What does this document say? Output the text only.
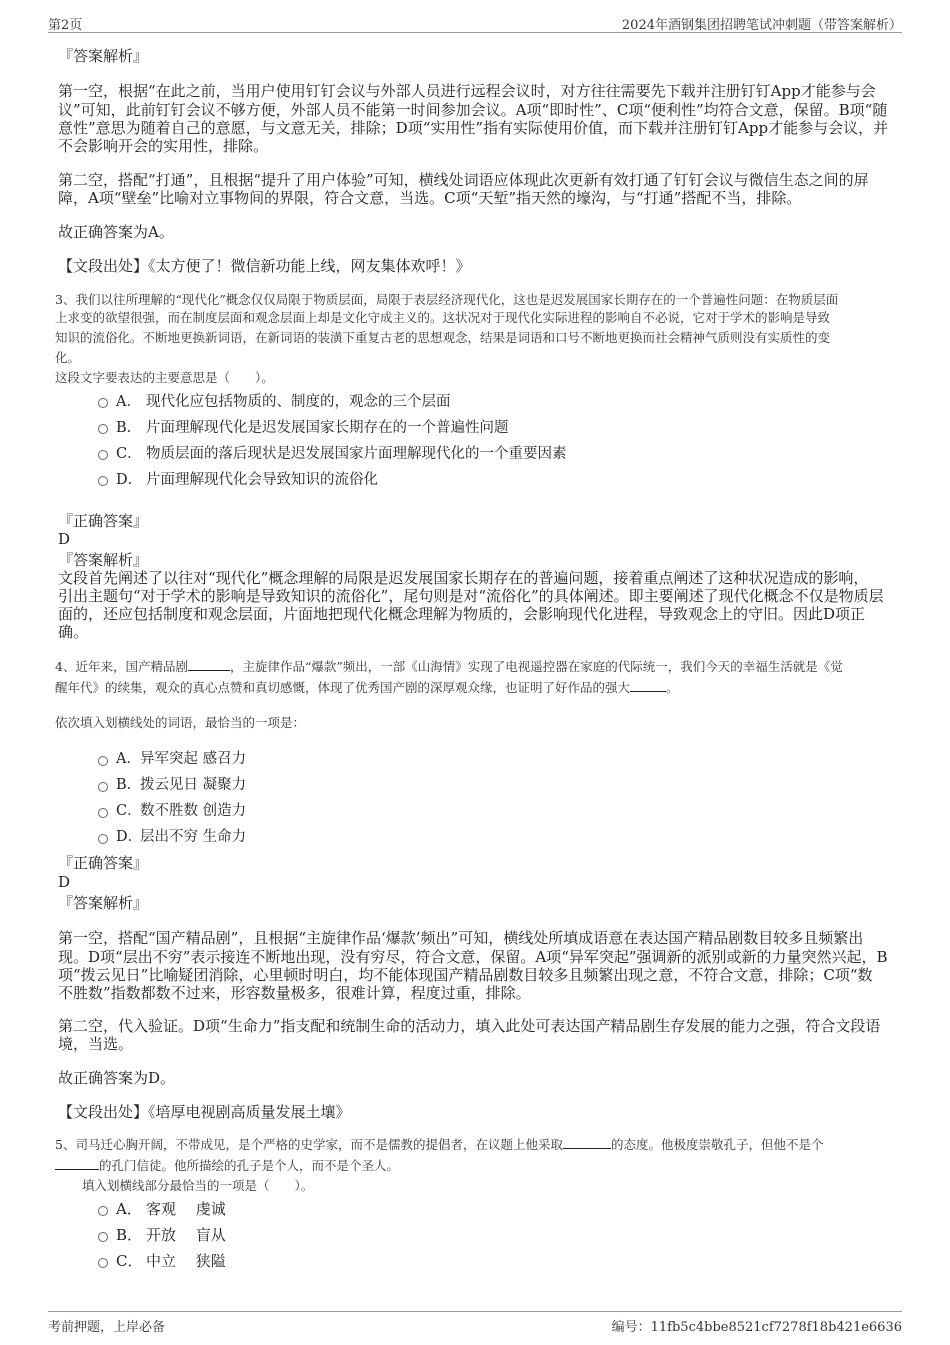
第2页	2024年酒钢集团招聘笔试冲刺题（带答案解析）
『答案解析』
第一空，根据“在此之前，当用户使用钉钉会议与外部人员进行远程会议时，对方往往需要先下载并注册钉钉App才能参与会
议”可知，此前钉钉会议不够方便，外部人员不能第一时间参加会议。A项“即时性”、C项“便利性”均符合文意，保留。B项“随
意性”意思为随着自己的意愿，与文意无关，排除；D项“实用性”指有实际使用价值，而下载并注册钉钉App才能参与会议，并
不会影响开会的实用性，排除。
第二空，搭配“打通”，且根据“提升了用户体验”可知，横线处词语应体现此次更新有效打通了钉钉会议与微信生态之间的屏
障，A项“壁垒”比喻对立事物间的界限，符合文意，当选。C项“天堑”指天然的壕沟，与“打通”搭配不当，排除。
故正确答案为A。
【文段出处】《太方便了！微信新功能上线，网友集体欢呼！》
3、我们以往所理解的“现代化”概念仅仅局限于物质层面，局限于表层经济现代化，这也是迟发展国家长期存在的一个普遍性问题：在物质层面
上求变的欲望很强，而在制度层面和观念层面上却是文化守成主义的。这状况对于现代化实际进程的影响自不必说，它对于学术的影响是导致
知识的流俗化。不断地更换新词语，在新词语的装潢下重复古老的思想观念，结果是词语和口号不断地更换而社会精神气质则没有实质性的变
化。
这段文字要表达的主要意思是（　　）。
A． 现代化应包括物质的、制度的，观念的三个层面
B． 片面理解现代化是迟发展国家长期存在的一个普遍性问题
C． 物质层面的落后现状是迟发展国家片面理解现代化的一个重要因素
D． 片面理解现代化会导致知识的流俗化
『正确答案』
D
『答案解析』
文段首先阐述了以往对“现代化”概念理解的局限是迟发展国家长期存在的普遍问题，接着重点阐述了这种状况造成的影响，
引出主题句“对于学术的影响是导致知识的流俗化”，尾句则是对“流俗化”的具体阐述。即主要阐述了现代化概念不仅是物质层
面的，还应包括制度和观念层面，片面地把现代化概念理解为物质的，会影响现代化进程，导致观念上的守旧。因此D项正
确。
4、近年来，国产精品剧	，主旋律作品“爆款”频出，一部《山海情》实现了电视遥控器在家庭的代际统一，我们今天的幸福生活就是《觉
醒年代》的续集，观众的真心点赞和真切感慨，体现了优秀国产剧的深厚观众缘，也证明了好作品的强大	。
依次填入划横线处的词语，最恰当的一项是：
A． 异军突起 感召力
B．
拨云见日 凝聚力
C．
数不胜数 创造力
D．
层出不穷 生命力
『正确答案』
D
『答案解析』
第一空，搭配“国产精品剧”，且根据“主旋律作品‘爆款’频出”可知，横线处所填成语意在表达国产精品剧数目较多且频繁出
现。D项“层出不穷”表示接连不断地出现，没有穷尽，符合文意，保留。A项“异军突起”强调新的派别或新的力量突然兴起，B
项“拨云见日”比喻疑团消除，心里顿时明白，均不能体现国产精品剧数目较多且频繁出现之意，不符合文意，排除；C项“数
不胜数”指数都数不过来，形容数量极多，很难计算，程度过重，排除。
第二空，代入验证。D项“生命力”指支配和统制生命的活动力，填入此处可表达国产精品剧生存发展的能力之强，符合文段语
境，当选。
故正确答案为D。
【文段出处】《培厚电视剧高质量发展土壤》
5、司马迁心胸开阔，不带成见，是个严格的史学家，而不是儒教的提倡者，在议题上他采取	的态度。他极度崇敬孔子，但他不是个
的孔门信徒。他所描绘的孔子是个人，而不是个圣人。
填入划横线部分最恰当的一项是（　　）。
A． 客观　 虔诚
B． 开放　 盲从
C． 中立　 狭隘
考前押题，上岸必备	编号：11fb5c4bbe8521cf7278f18b421e6636
